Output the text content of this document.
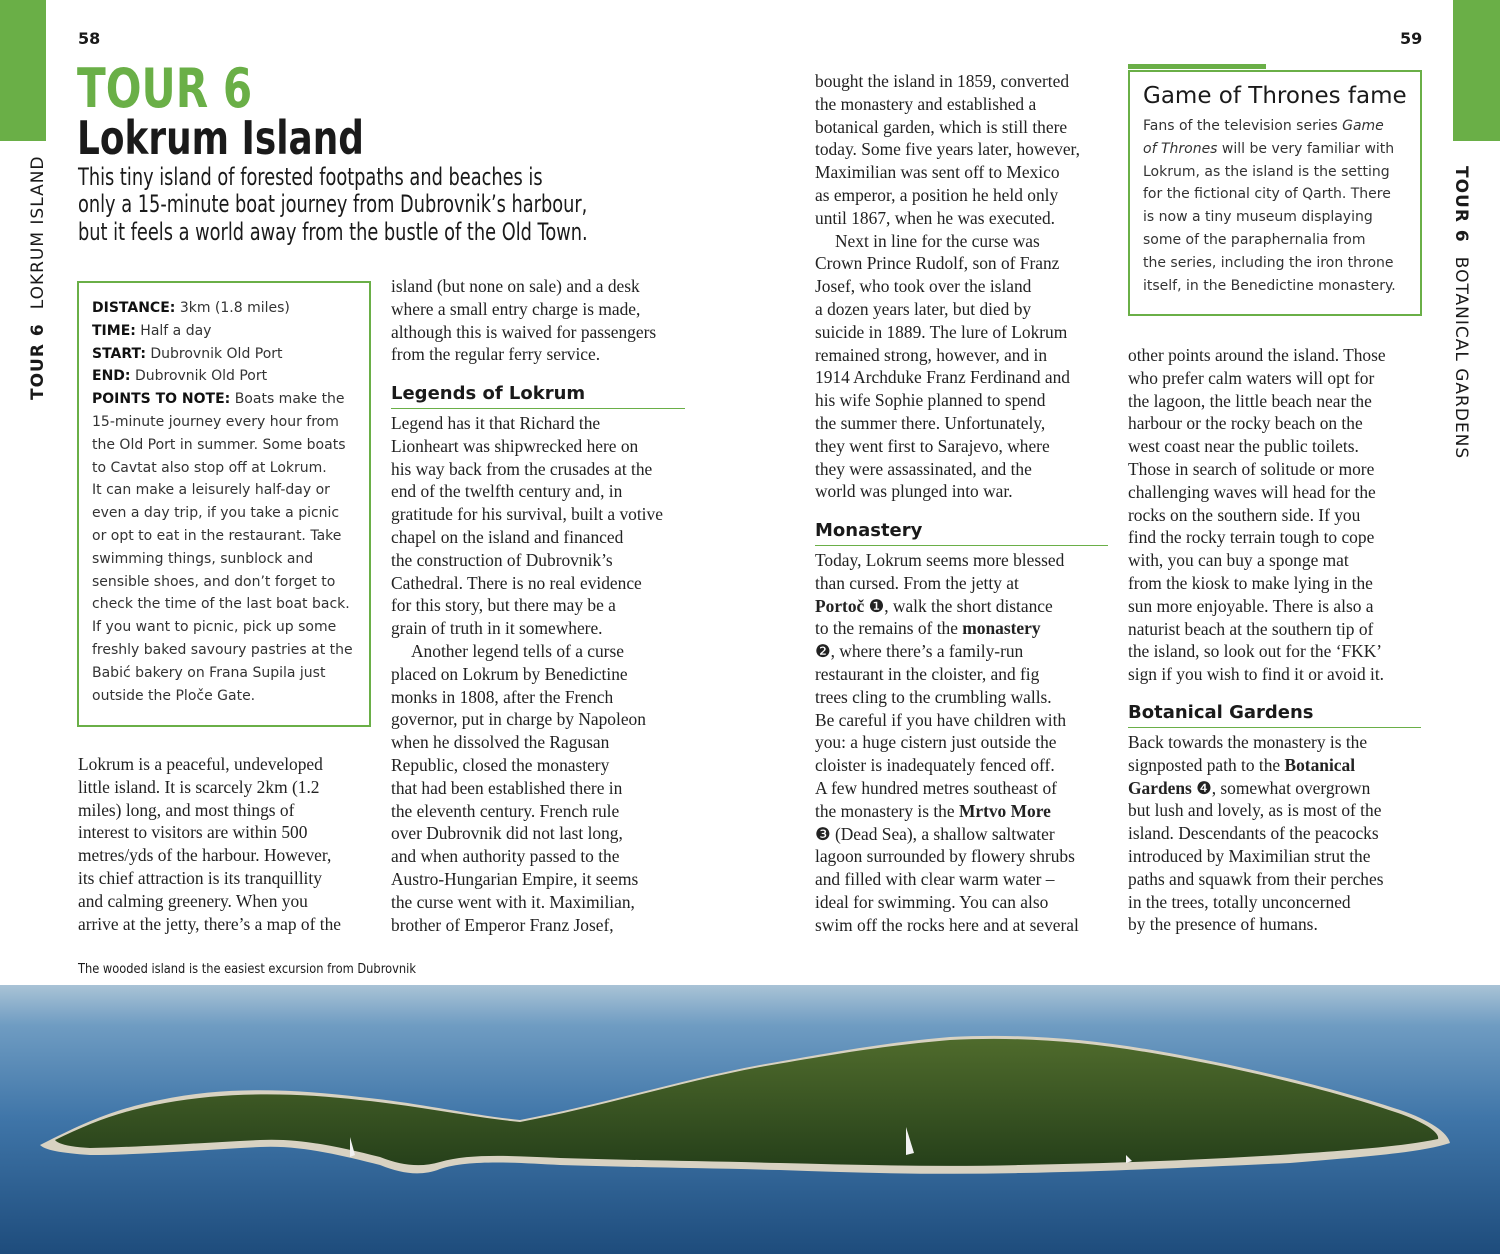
58	59
TOUR 6LOKRUM ISLAND	TOUR 6BOTANICAL GARDENS
TOUR 6
Lokrum Island
This tiny island of forested footpaths and beaches is
only a 15-minute boat journey from Dubrovnik’s harbour,
but it feels a world away from the bustle of the Old Town.
DISTANCE: 3km (1.8 miles)
TIME: Half a day
START: Dubrovnik Old Port
END: Dubrovnik Old Port
POINTS TO NOTE: Boats make the
15-minute journey every hour from
the Old Port in summer. Some boats
to Cavtat also stop off at Lokrum.
It can make a leisurely half-day or
even a day trip, if you take a picnic
or opt to eat in the restaurant. Take
swimming things, sunblock and
sensible shoes, and don’t forget to
check the time of the last boat back.
If you want to picnic, pick up some
freshly baked savoury pastries at the
Babić bakery on Frana Supila just
outside the Ploče Gate.
Lokrum is a peaceful, undeveloped
little island. It is scarcely 2km (1.2
miles) long, and most things of
interest to visitors are within 500
metres/yds of the harbour. However,
its chief attraction is its tranquillity
and calming greenery. When you
arrive at the jetty, there’s a map of the
island (but none on sale) and a desk
where a small entry charge is made,
although this is waived for passengers
from the regular ferry service.
Legends of Lokrum
Legend has it that Richard the
Lionheart was shipwrecked here on
his way back from the crusades at the
end of the twelfth century and, in
gratitude for his survival, built a votive
chapel on the island and financed
the construction of Dubrovnik’s
Cathedral. There is no real evidence
for this story, but there may be a
grain of truth in it somewhere.
Another legend tells of a curse
placed on Lokrum by Benedictine
monks in 1808, after the French
governor, put in charge by Napoleon
when he dissolved the Ragusan
Republic, closed the monastery
that had been established there in
the eleventh century. French rule
over Dubrovnik did not last long,
and when authority passed to the
Austro-Hungarian Empire, it seems
the curse went with it. Maximilian,
brother of Emperor Franz Josef,
bought the island in 1859, converted
the monastery and established a
botanical garden, which is still there
today. Some five years later, however,
Maximilian was sent off to Mexico
as emperor, a position he held only
until 1867, when he was executed.
Next in line for the curse was
Crown Prince Rudolf, son of Franz
Josef, who took over the island
a dozen years later, but died by
suicide in 1889. The lure of Lokrum
remained strong, however, and in
1914 Archduke Franz Ferdinand and
his wife Sophie planned to spend
the summer there. Unfortunately,
they went first to Sarajevo, where
they were assassinated, and the
world was plunged into war.
Monastery
Today, Lokrum seems more blessed
than cursed. From the jetty at
Portoč ❶, walk the short distance
to the remains of the monastery
❷, where there’s a family-run
restaurant in the cloister, and fig
trees cling to the crumbling walls.
Be careful if you have children with
you: a huge cistern just outside the
cloister is inadequately fenced off.
A few hundred metres southeast of
the monastery is the Mrtvo More
❸ (Dead Sea), a shallow saltwater
lagoon surrounded by flowery shrubs
and filled with clear warm water –
ideal for swimming. You can also
swim off the rocks here and at several
Game of Thrones fame
Fans of the television series Game
of Thrones will be very familiar with
Lokrum, as the island is the setting
for the fictional city of Qarth. There
is now a tiny museum displaying
some of the paraphernalia from
the series, including the iron throne
itself, in the Benedictine monastery.
other points around the island. Those
who prefer calm waters will opt for
the lagoon, the little beach near the
harbour or the rocky beach on the
west coast near the public toilets.
Those in search of solitude or more
challenging waves will head for the
rocks on the southern side. If you
find the rocky terrain tough to cope
with, you can buy a sponge mat
from the kiosk to make lying in the
sun more enjoyable. There is also a
naturist beach at the southern tip of
the island, so look out for the ‘FKK’
sign if you wish to find it or avoid it.
Botanical Gardens
Back towards the monastery is the
signposted path to the Botanical
Gardens ❹, somewhat overgrown
but lush and lovely, as is most of the
island. Descendants of the peacocks
introduced by Maximilian strut the
paths and squawk from their perches
in the trees, totally unconcerned
by the presence of humans.
The wooded island is the easiest excursion from Dubrovnik
